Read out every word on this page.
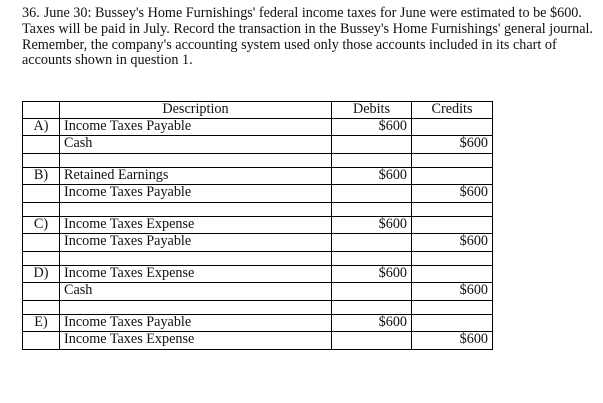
36. June 30: Bussey's Home Furnishings' federal income taxes for June were estimated to be $600. Taxes will be paid in July. Record the transaction in the Bussey's Home Furnishings' general journal. Remember, the company's accounting system used only those accounts included in its chart of accounts shown in question 1.

	Description	Debits	Credits
A)	Income Taxes Payable	$600	
	Cash		$600

B)	Retained Earnings	$600	
	Income Taxes Payable		$600

C)	Income Taxes Expense	$600	
	Income Taxes Payable		$600

D)	Income Taxes Expense	$600	
	Cash		$600

E)	Income Taxes Payable	$600	
	Income Taxes Expense		$600
